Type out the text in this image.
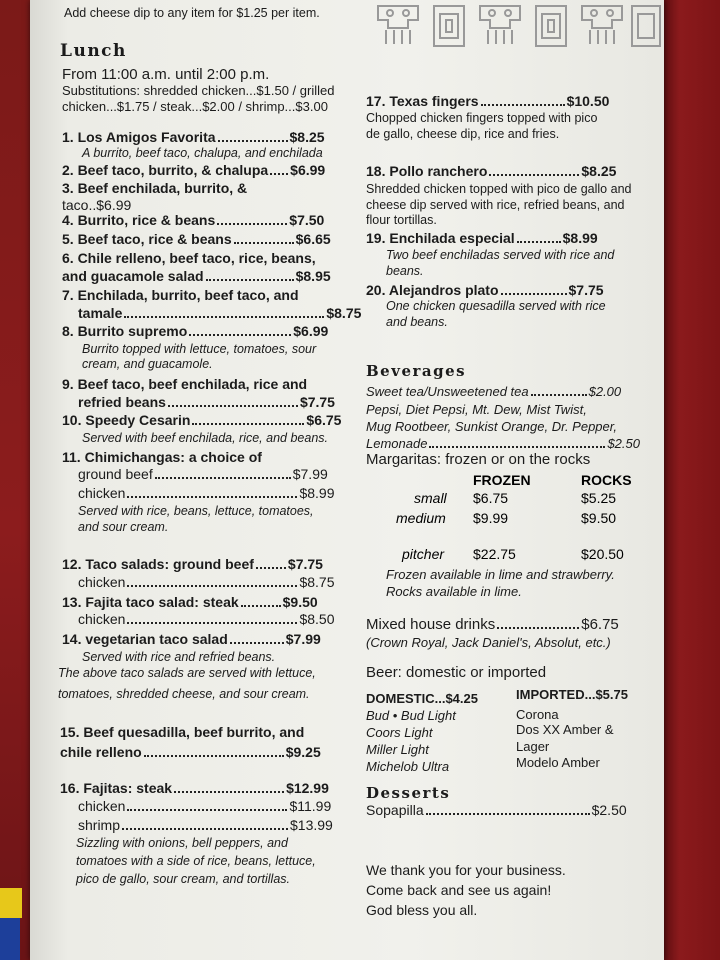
Add cheese dip to any item for $1.25 per item.
Lunch
From 11:00 a.m. until 2:00 p.m.
Substitutions: shredded chicken...$1.50 / grilled
chicken...$1.75 / steak...$2.00 / shrimp...$3.00
1. Los Amigos Favorita	$8.25
A burrito, beef taco, chalupa, and enchilada
2. Beef taco, burrito, & chalupa $6.99
3. Beef enchilada, burrito, &
taco..$6.99
4. Burrito, rice & beans	$7.50
5. Beef taco, rice & beans	$6.65
6. Chile relleno, beef taco, rice, beans,
and guacamole salad	$8.95
7. Enchilada, burrito, beef taco, and
tamale	$8.75
8. Burrito supremo	$6.99
Burrito topped with lettuce, tomatoes, sour
cream, and guacamole.
9. Beef taco, beef enchilada, rice and
refried beans	$7.75
10. Speedy Cesarin	$6.75
Served with beef enchilada, rice, and beans.
11. Chimichangas: a choice of
ground beef	$7.99
chicken	$8.99
Served with rice, beans, lettuce, tomatoes,
and sour cream.
12. Taco salads: ground beef $7.75
chicken	$8.75
13. Fajita taco salad: steak	$9.50
chicken	$8.50
14. vegetarian taco salad	$7.99
Served with rice and refried beans.
The above taco salads are served with lettuce,
tomatoes, shredded cheese, and sour cream.
15. Beef quesadilla, beef burrito, and
chile relleno	$9.25
16. Fajitas: steak	$12.99
chicken	$11.99
shrimp	$13.99
Sizzling with onions, bell peppers, and
tomatoes with a side of rice, beans, lettuce,
pico de gallo, sour cream, and tortillas.
17. Texas fingers	$10.50
Chopped chicken fingers topped with pico
de gallo, cheese dip, rice and fries.
18. Pollo ranchero	$8.25
Shredded chicken topped with pico de gallo and
cheese dip served with rice, refried beans, and
flour tortillas.
19. Enchilada especial	$8.99
Two beef enchiladas served with rice and
beans.
20. Alejandros plato	$7.75
One chicken quesadilla served with rice
and beans.
Beverages
Sweet tea/Unsweetened tea	$2.00
Pepsi, Diet Pepsi, Mt. Dew, Mist Twist,
Mug Rootbeer, Sunkist Orange, Dr. Pepper,
Lemonade	$2.50
Margaritas: frozen or on the rocks
FROZEN	ROCKS
small $6.75	$5.25
medium $9.99	$9.50
pitcher $22.75	$20.50
Frozen available in lime and strawberry.
Rocks available in lime.
Mixed house drinks	$6.75
(Crown Royal, Jack Daniel's, Absolut, etc.)
Beer: domestic or imported
DOMESTIC...$4.25
Bud • Bud Light
Coors Light
Miller Light
Michelob Ultra
IMPORTED...$5.75
Corona
Dos XX Amber &
Lager
Modelo Amber
Desserts
Sopapilla	$2.50
We thank you for your business.
Come back and see us again!
God bless you all.
